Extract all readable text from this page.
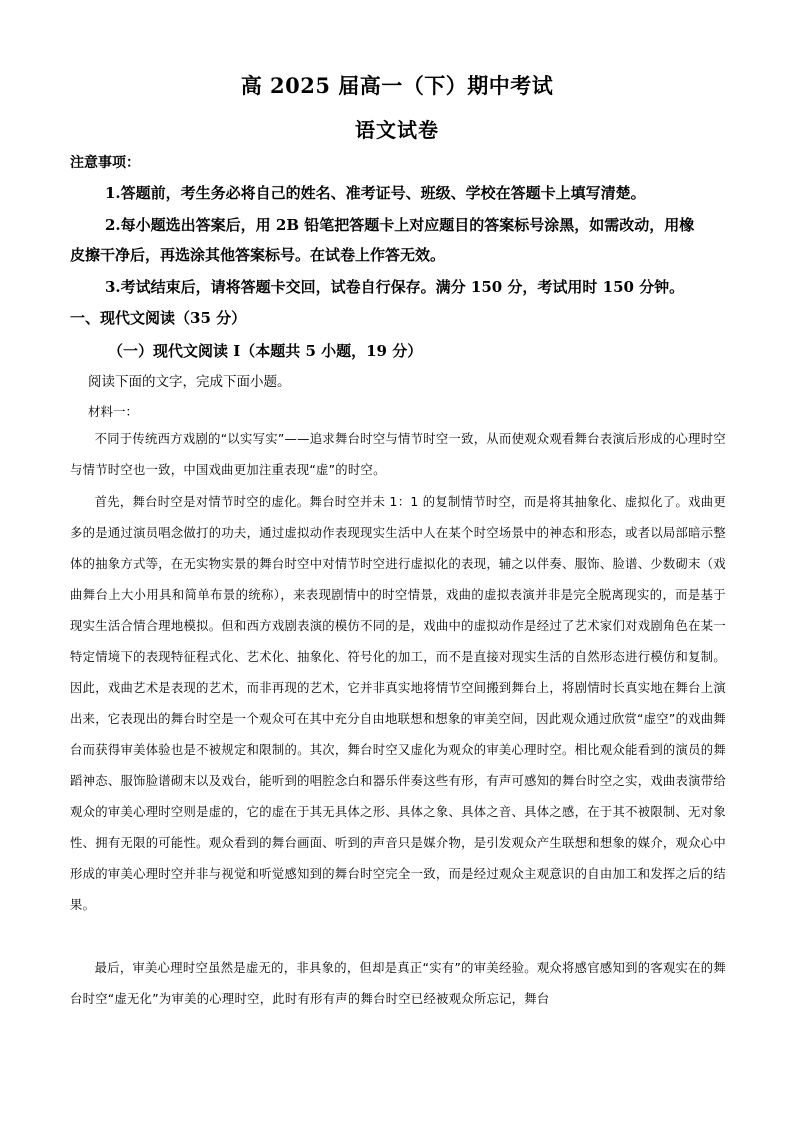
高 2025 届高一（下）期中考试
语文试卷
注意事项：
1.答题前，考生务必将自己的姓名、准考证号、班级、学校在答题卡上填写清楚。
2.每小题选出答案后，用 2B 铅笔把答题卡上对应题目的答案标号涂黑，如需改动，用橡
皮擦干净后，再选涂其他答案标号。在试卷上作答无效。
3.考试结束后，请将答题卡交回，试卷自行保存。满分 150 分，考试用时 150 分钟。
一、现代文阅读（35 分）
（一）现代文阅读 I（本题共 5 小题，19 分）
阅读下面的文字，完成下面小题。
材料一：

不同于传统西方戏剧的“以实写实”——追求舞台时空与情节时空一致，从而使观众观看舞台表演后形成的心理时空与情节时空也一致，中国戏曲更加注重表现“虚”的时空。

首先，舞台时空是对情节时空的虚化。舞台时空并未 1：1 的复制情节时空，而是将其抽象化、虚拟化了。戏曲更多的是通过演员唱念做打的功夫，通过虚拟动作表现现实生活中人在某个时空场景中的神态和形态，或者以局部暗示整体的抽象方式等，在无实物实景的舞台时空中对情节时空进行虚拟化的表现，辅之以伴奏、服饰、脸谱、少数砌末（戏曲舞台上大小用具和简单布景的统称），来表现剧情中的时空情景，戏曲的虚拟表演并非是完全脱离现实的，而是基于现实生活合情合理地模拟。但和西方戏剧表演的模仿不同的是，戏曲中的虚拟动作是经过了艺术家们对戏剧角色在某一特定情境下的表现特征程式化、艺术化、抽象化、符号化的加工，而不是直接对现实生活的自然形态进行模仿和复制。因此，戏曲艺术是表现的艺术，而非再现的艺术，它并非真实地将情节空间搬到舞台上，将剧情时长真实地在舞台上演出来，它表现出的舞台时空是一个观众可在其中充分自由地联想和想象的审美空间，因此观众通过欣赏“虚空”的戏曲舞台而获得审美体验也是不被规定和限制的。其次，舞台时空又虚化为观众的审美心理时空。相比观众能看到的演员的舞蹈神态、服饰脸谱砌末以及戏台，能听到的唱腔念白和器乐伴奏这些有形，有声可感知的舞台时空之实，戏曲表演带给观众的审美心理时空则是虚的，它的虚在于其无具体之形、具体之象、具体之音、具体之感，在于其不被限制、无对象性、拥有无限的可能性。观众看到的舞台画面、听到的声音只是媒介物，是引发观众产生联想和想象的媒介，观众心中形成的审美心理时空并非与视觉和听觉感知到的舞台时空完全一致，而是经过观众主观意识的自由加工和发挥之后的结果。

最后，审美心理时空虽然是虚无的，非具象的，但却是真正“实有”的审美经验。观众将感官感知到的客观实在的舞台时空“虚无化”为审美的心理时空，此时有形有声的舞台时空已经被观众所忘记，舞台
